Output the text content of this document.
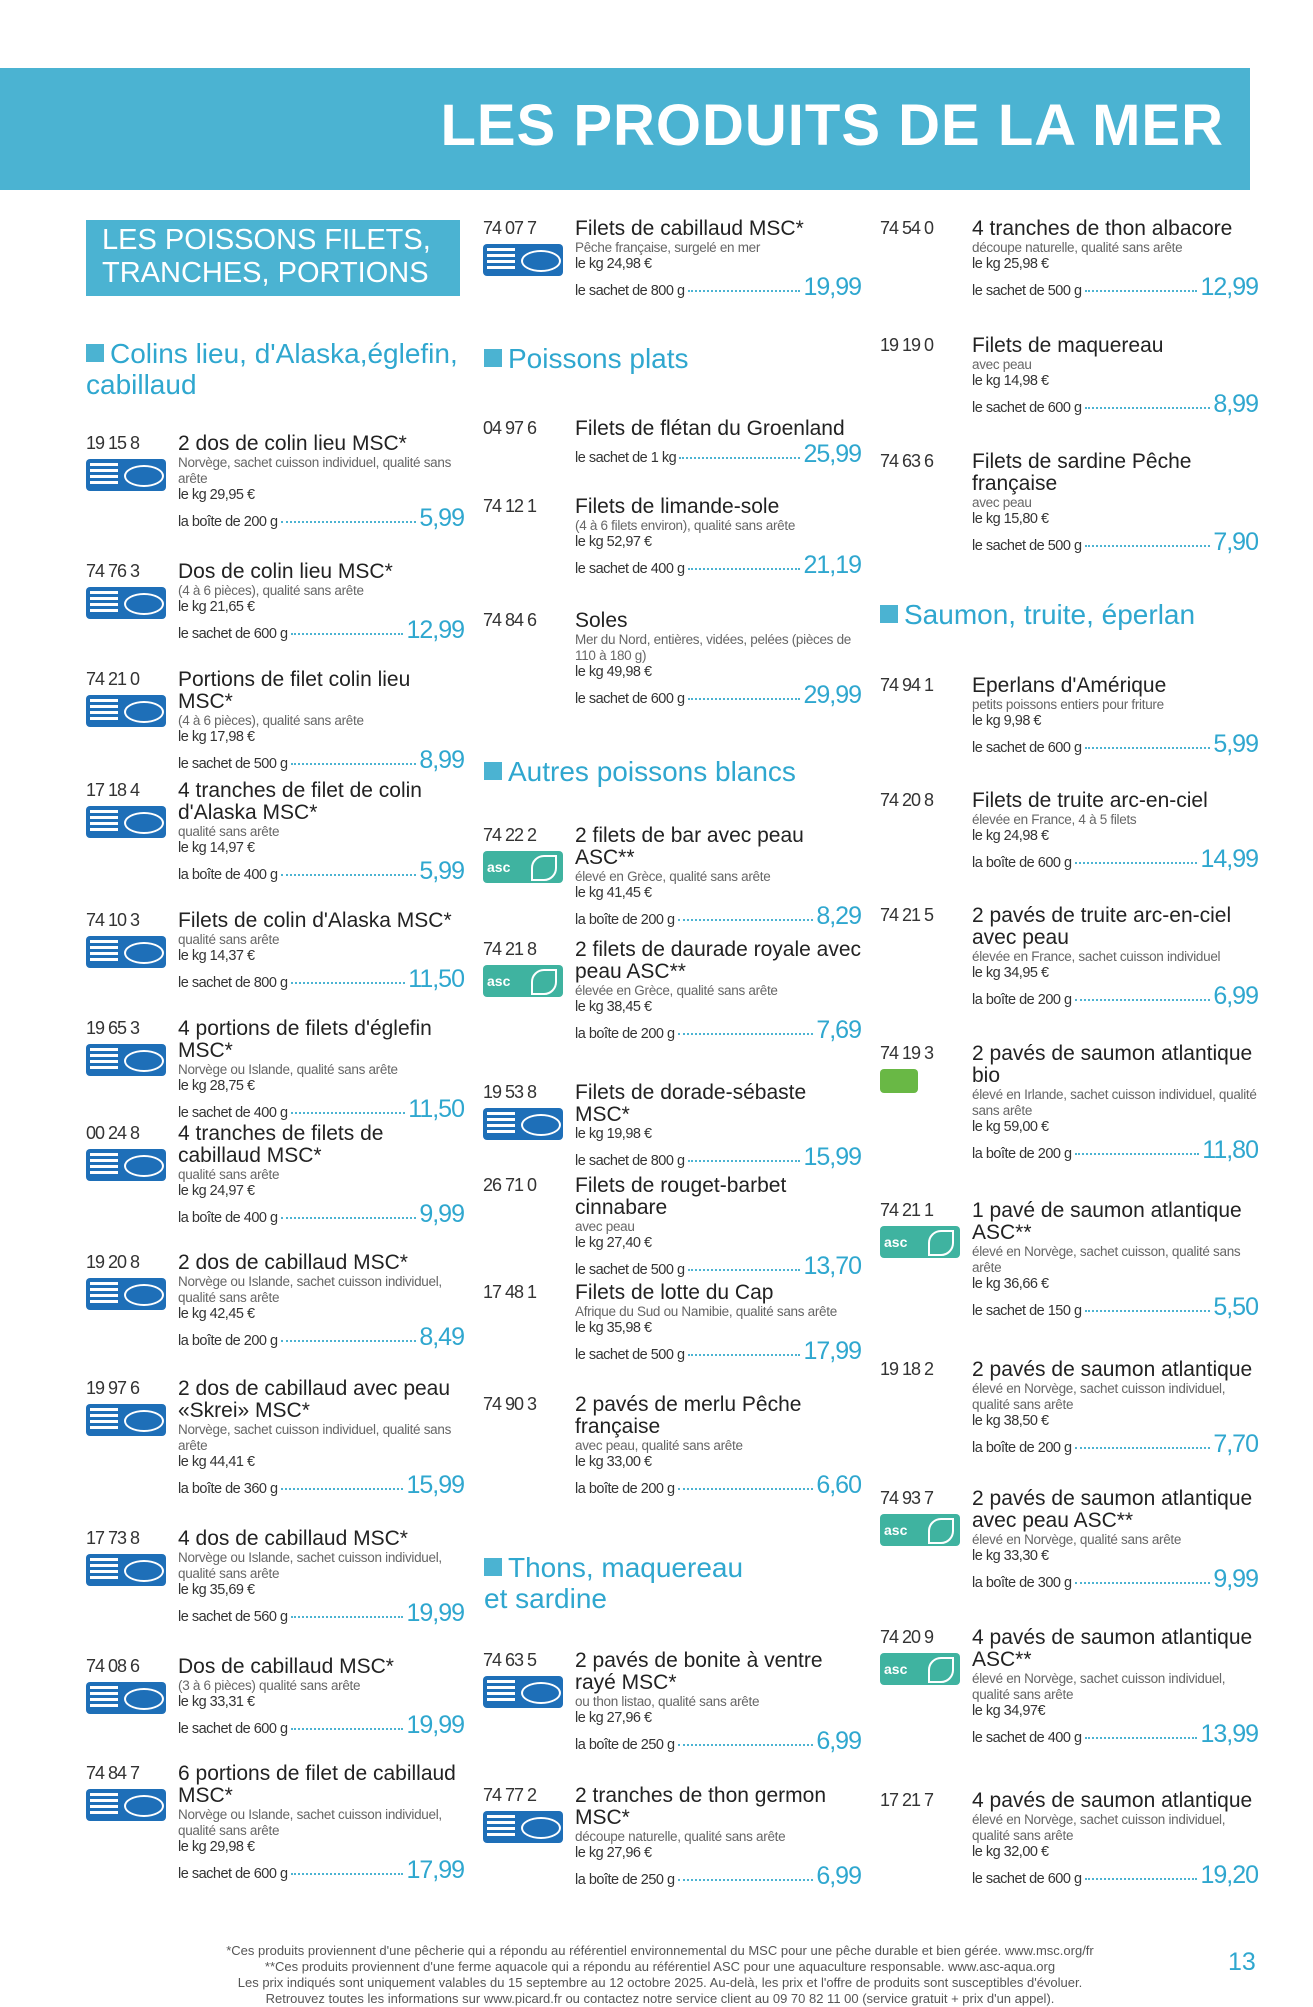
LES PRODUITS DE LA MER
LES POISSONS FILETS, TRANCHES, PORTIONS
Colins lieu, d'Alaska,églefin, cabillaud
Poissons plats
Autres poissons blancs
Thons, maquereau et sardine
Saumon, truite, éperlan
19 15 8 2 dos de colin lieu MSC*
Norvège, sachet cuisson individuel, qualité sans arête
le kg 29,95 €
la boîte de 200 g	5,99
74 76 3 Dos de colin lieu MSC*
(4 à 6 pièces), qualité sans arête
le kg 21,65 €
le sachet de 600 g	12,99
74 21 0 Portions de filet colin lieu MSC*
(4 à 6 pièces), qualité sans arête
le kg 17,98 €
le sachet de 500 g	8,99
17 18 4 4 tranches de filet de colin d'Alaska MSC*
qualité sans arête
le kg 14,97 €
la boîte de 400 g	5,99
74 10 3 Filets de colin d'Alaska MSC*
qualité sans arête
le kg 14,37 €
le sachet de 800 g	11,50
19 65 3 4 portions de filets d'églefin MSC*
Norvège ou Islande, qualité sans arête
le kg 28,75 €
le sachet de 400 g	11,50
00 24 8 4 tranches de filets de cabillaud MSC*
qualité sans arête
le kg 24,97 €
la boîte de 400 g	9,99
19 20 8 2 dos de cabillaud MSC*
Norvège ou Islande, sachet cuisson individuel, qualité sans arête
le kg 42,45 €
la boîte de 200 g	8,49
19 97 6 2 dos de cabillaud avec peau «Skrei» MSC*
Norvège, sachet cuisson individuel, qualité sans arête
le kg 44,41 €
la boîte de 360 g	15,99
17 73 8 4 dos de cabillaud MSC*
Norvège ou Islande, sachet cuisson individuel, qualité sans arête
le kg 35,69 €
le sachet de 560 g	19,99
74 08 6 Dos de cabillaud MSC*
(3 à 6 pièces) qualité sans arête
le kg 33,31 €
le sachet de 600 g	19,99
74 84 7 6 portions de filet de cabillaud MSC*
Norvège ou Islande, sachet cuisson individuel, qualité sans arête
le kg 29,98 €
le sachet de 600 g	17,99
74 07 7 Filets de cabillaud MSC*
Pêche française, surgelé en mer
le kg 24,98 €
le sachet de 800 g	19,99
04 97 6 Filets de flétan du Groenland
le sachet de 1 kg	25,99
74 12 1 Filets de limande-sole
(4 à 6 filets environ), qualité sans arête
le kg 52,97 €
le sachet de 400 g	21,19
74 84 6 Soles
Mer du Nord, entières, vidées, pelées (pièces de 110 à 180 g)
le kg 49,98 €
le sachet de 600 g	29,99
74 22 2
asc
2 filets de bar avec peau ASC**
élevé en Grèce, qualité sans arête
le kg 41,45 €
la boîte de 200 g	8,29
74 21 8
asc
2 filets de daurade royale avec peau ASC**
élevée en Grèce, qualité sans arête
le kg 38,45 €
la boîte de 200 g	7,69
19 53 8 Filets de dorade-sébaste MSC*
le kg 19,98 €
le sachet de 800 g	15,99
26 71 0 Filets de rouget-barbet cinnabare
avec peau
le kg 27,40 €
le sachet de 500 g	13,70
17 48 1 Filets de lotte du Cap
Afrique du Sud ou Namibie, qualité sans arête
le kg 35,98 €
le sachet de 500 g	17,99
74 90 3 2 pavés de merlu Pêche française
avec peau, qualité sans arête
le kg 33,00 €
la boîte de 200 g	6,60
74 63 5 2 pavés de bonite à ventre rayé MSC*
ou thon listao, qualité sans arête
le kg 27,96 €
la boîte de 250 g	6,99
74 77 2 2 tranches de thon germon MSC*
découpe naturelle, qualité sans arête
le kg 27,96 €
la boîte de 250 g	6,99
74 54 0 4 tranches de thon albacore
découpe naturelle, qualité sans arête
le kg 25,98 €
le sachet de 500 g	12,99
19 19 0 Filets de maquereau
avec peau
le kg 14,98 €
le sachet de 600 g	8,99
74 63 6 Filets de sardine Pêche française
avec peau
le kg 15,80 €
le sachet de 500 g	7,90
74 94 1 Eperlans d'Amérique
petits poissons entiers pour friture
le kg 9,98 €
le sachet de 600 g	5,99
74 20 8 Filets de truite arc-en-ciel
élevée en France, 4 à 5 filets
le kg 24,98 €
la boîte de 600 g	14,99
74 21 5 2 pavés de truite arc-en-ciel avec peau
élevée en France, sachet cuisson individuel
le kg 34,95 €
la boîte de 200 g	6,99
74 19 3 2 pavés de saumon atlantique bio
élevé en Irlande, sachet cuisson individuel, qualité sans arête
le kg 59,00 €
la boîte de 200 g	11,80
74 21 1
asc
1 pavé de saumon atlantique ASC**
élevé en Norvège, sachet cuisson, qualité sans arête
le kg 36,66 €
le sachet de 150 g	5,50
19 18 2 2 pavés de saumon atlantique
élevé en Norvège, sachet cuisson individuel, qualité sans arête
le kg 38,50 €
la boîte de 200 g	7,70
74 93 7
asc
2 pavés de saumon atlantique avec peau ASC**
élevé en Norvège, qualité sans arête
le kg 33,30 €
la boîte de 300 g	9,99
74 20 9
asc
4 pavés de saumon atlantique ASC**
élevé en Norvège, sachet cuisson individuel, qualité sans arête
le kg 34,97€
le sachet de 400 g	13,99
17 21 7 4 pavés de saumon atlantique
élevé en Norvège, sachet cuisson individuel, qualité sans arête
le kg 32,00 €
le sachet de 600 g	19,20
*Ces produits proviennent d'une pêcherie qui a répondu au référentiel environnemental du MSC pour une pêche durable et bien gérée. www.msc.org/fr
**Ces produits proviennent d'une ferme aquacole qui a répondu au référentiel ASC pour une aquaculture responsable. www.asc-aqua.org
Les prix indiqués sont uniquement valables du 15 septembre au 12 octobre 2025. Au-delà, les prix et l'offre de produits sont susceptibles d'évoluer.
Retrouvez toutes les informations sur www.picard.fr ou contactez notre service client au 09 70 82 11 00 (service gratuit + prix d'un appel).
13
